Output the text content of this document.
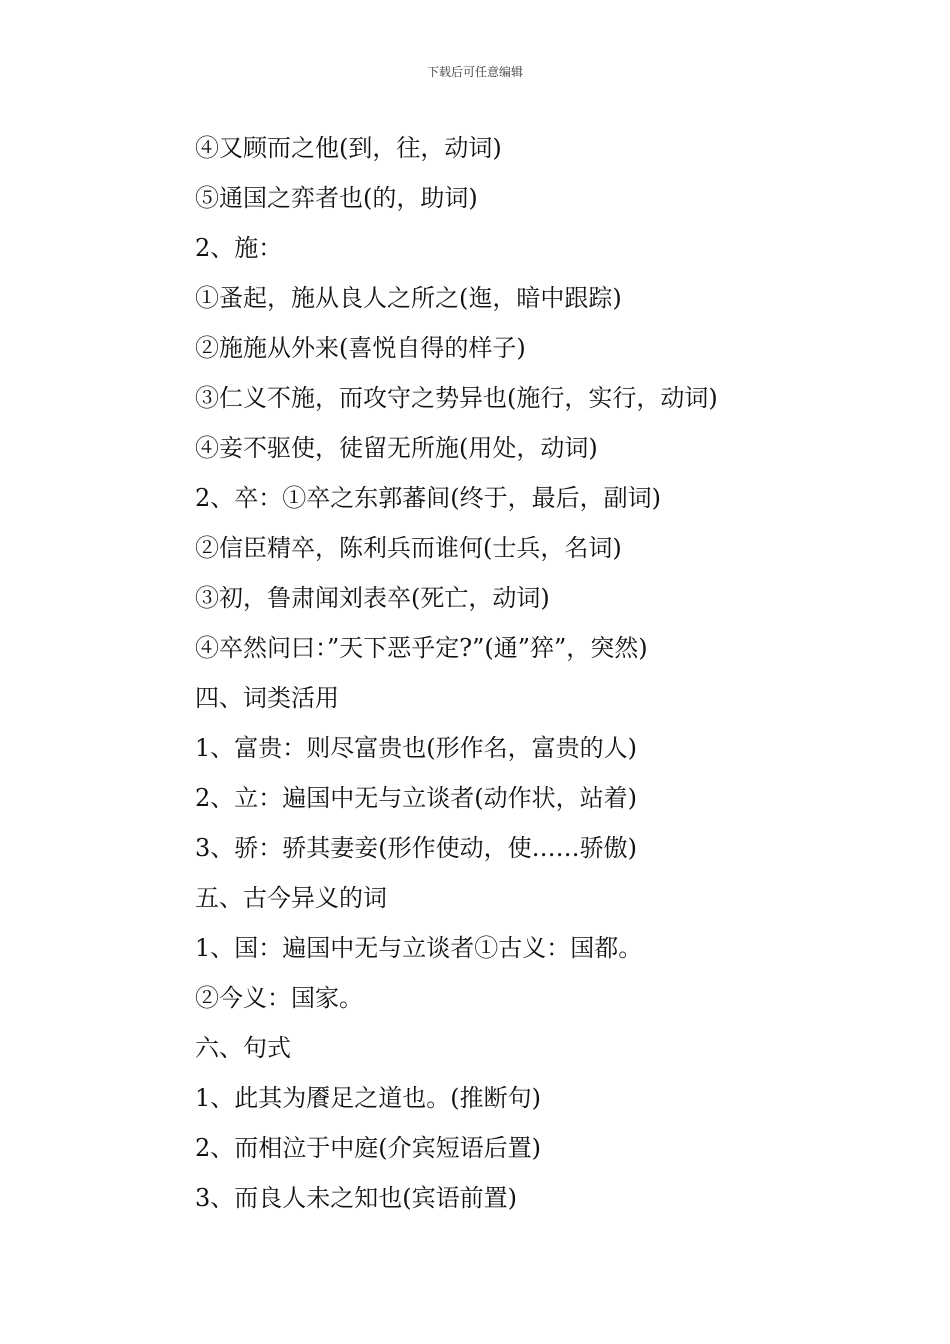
下载后可任意编辑
④又顾而之他(到，往，动词)
⑤通国之弈者也(的，助词)
2、施：
①蚤起，施从良人之所之(迤，暗中跟踪)
②施施从外来(喜悦自得的样子)
③仁义不施，而攻守之势异也(施行，实行，动词)
④妾不驱使，徒留无所施(用处，动词)
2、卒：①卒之东郭蕃间(终于，最后，副词)
②信臣精卒，陈利兵而谁何(士兵，名词)
③初，鲁肃闻刘表卒(死亡，动词)
④卒然问曰：”天下恶乎定?”(通”猝”，突然)
四、词类活用
1、富贵：则尽富贵也(形作名，富贵的人)
2、立：遍国中无与立谈者(动作状，站着)
3、骄：骄其妻妾(形作使动，使……骄傲)
五、古今异义的词
1、国：遍国中无与立谈者①古义：国都。
②今义：国家。
六、句式
1、此其为餍足之道也。(推断句)
2、而相泣于中庭(介宾短语后置)
3、而良人未之知也(宾语前置)
